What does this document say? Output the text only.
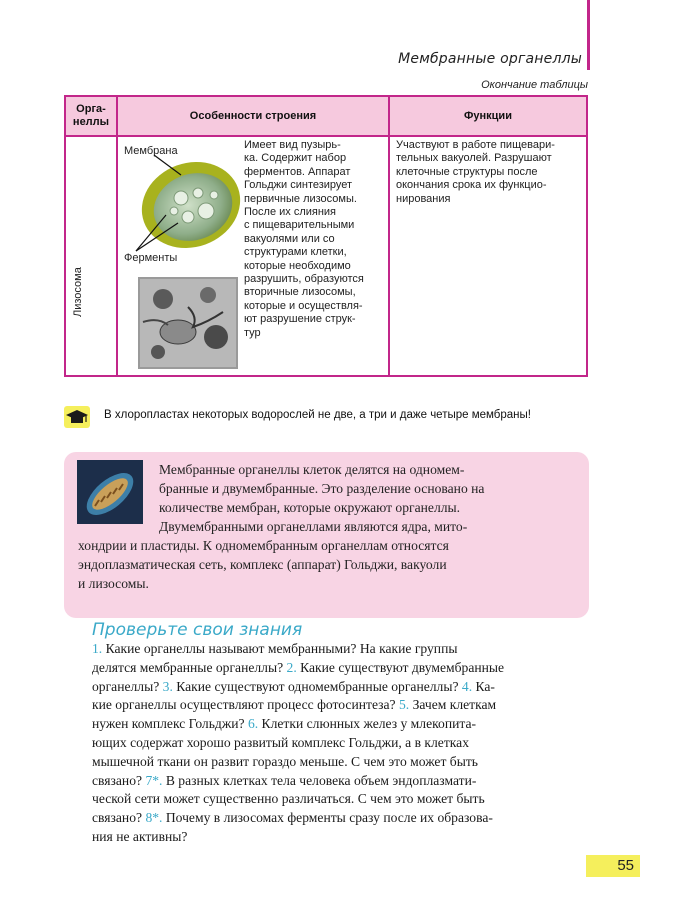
Мембранные органеллы
Окончание таблицы
Орга-
неллы
Особенности строения	Функции
Лизосома
Мембрана
Ферменты
Имеет вид пузырь-
ка. Содержит набор
ферментов. Аппарат
Гольджи синтезирует
первичные лизосомы.
После их слияния
с пищеварительными
вакуолями или со
структурами клетки,
которые необходимо
разрушить, образуются
вторичные лизосомы,
которые и осуществля-
ют разрушение струк-
тур
Участвуют в работе пищевари-
тельных вакуолей. Разрушают
клеточные структуры после
окончания срока их функцио-
нирования
В хлоропластах некоторых водорослей не две, а три и даже четыре мембраны!
Мембранные органеллы клеток делятся на одномем-
бранные и двумембранные. Это разделение основано на
количестве мембран, которые окружают органеллы.
Двумембранными органеллами являются ядра, мито-
хондрии и пластиды. К одномембранным органеллам относятся
эндоплазматическая сеть, комплекс (аппарат) Гольджи, вакуоли
и лизосомы.
Проверьте свои знания
1. Какие органеллы называют мембранными? На какие группы
делятся мембранные органеллы? 2. Какие существуют двумембранные
органеллы? 3. Какие существуют одномембранные органеллы? 4. Ка-
кие органеллы осуществляют процесс фотосинтеза? 5. Зачем клеткам
нужен комплекс Гольджи? 6. Клетки слюнных желез у млекопита-
ющих содержат хорошо развитый комплекс Гольджи, а в клетках
мышечной ткани он развит гораздо меньше. С чем это может быть
связано? 7*. В разных клетках тела человека объем эндоплазмати-
ческой сети может существенно различаться. С чем это может быть
связано? 8*. Почему в лизосомах ферменты сразу после их образова-
ния не активны?
55
